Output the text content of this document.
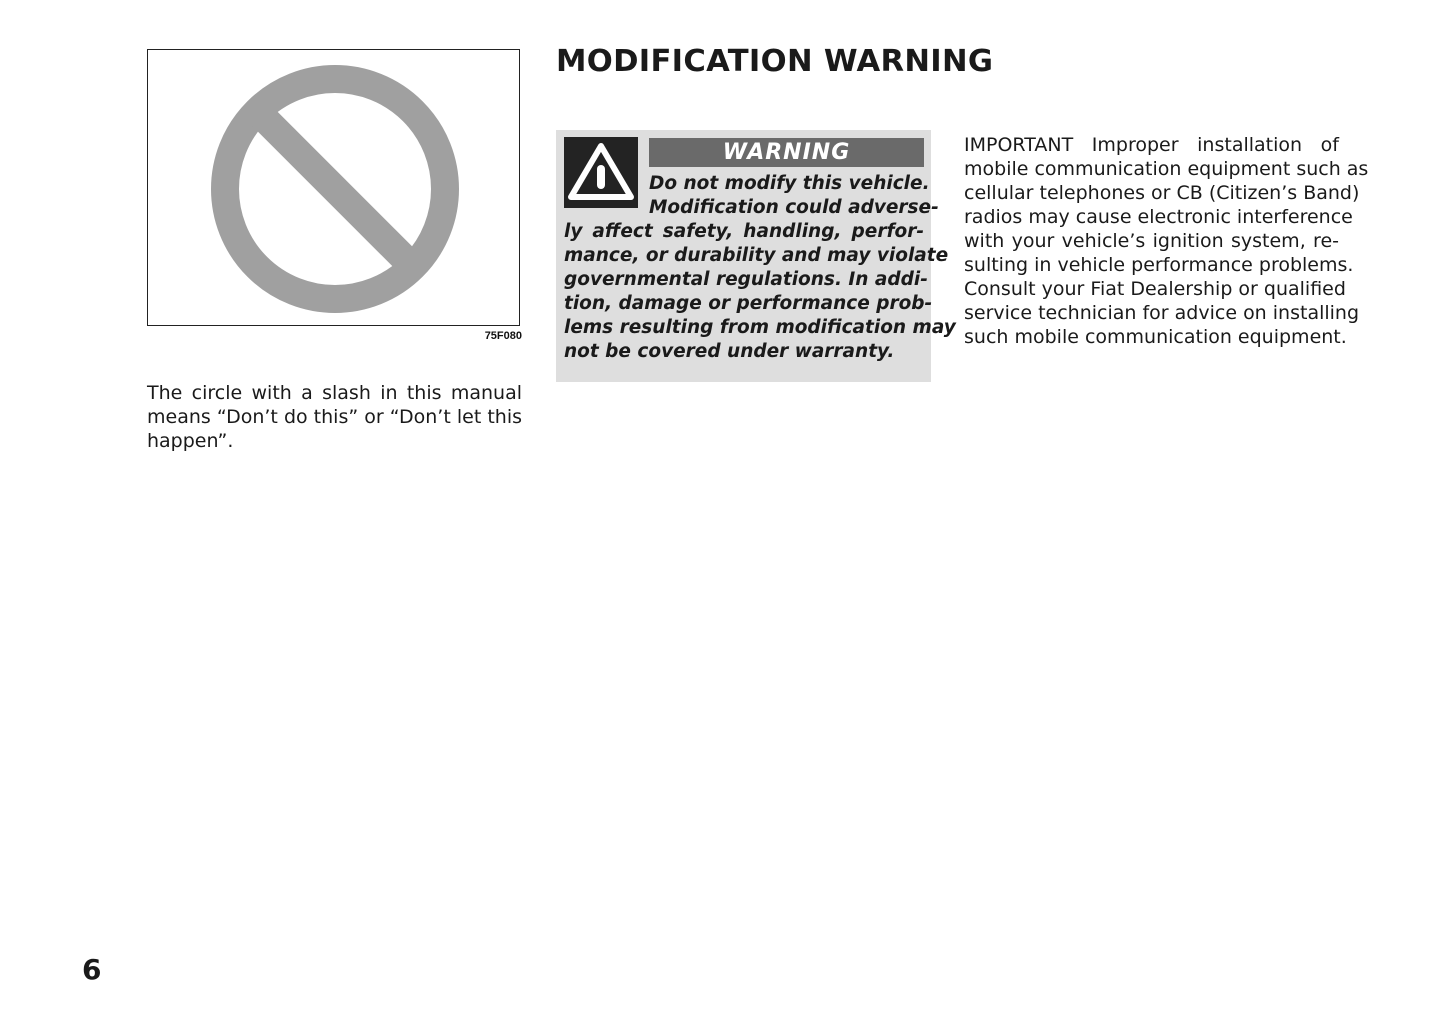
75F080
The circle with a slash in this manual
means “Don’t do this” or “Don’t let this
happen”.
MODIFICATION WARNING
WARNING
Do not modify this vehicle.
Modification could adverse-
ly affect safety, handling, perfor-
mance, or durability and may violate
governmental regulations. In addi-
tion, damage or performance prob-
lems resulting from modification may
not be covered under warranty.
IMPORTANT Improper installation of
mobile communication equipment such as
cellular telephones or CB (Citizen’s Band)
radios may cause electronic interference
with your vehicle’s ignition system, re-
sulting in vehicle performance problems.
Consult your Fiat Dealership or qualified
service technician for advice on installing
such mobile communication equipment.
6
